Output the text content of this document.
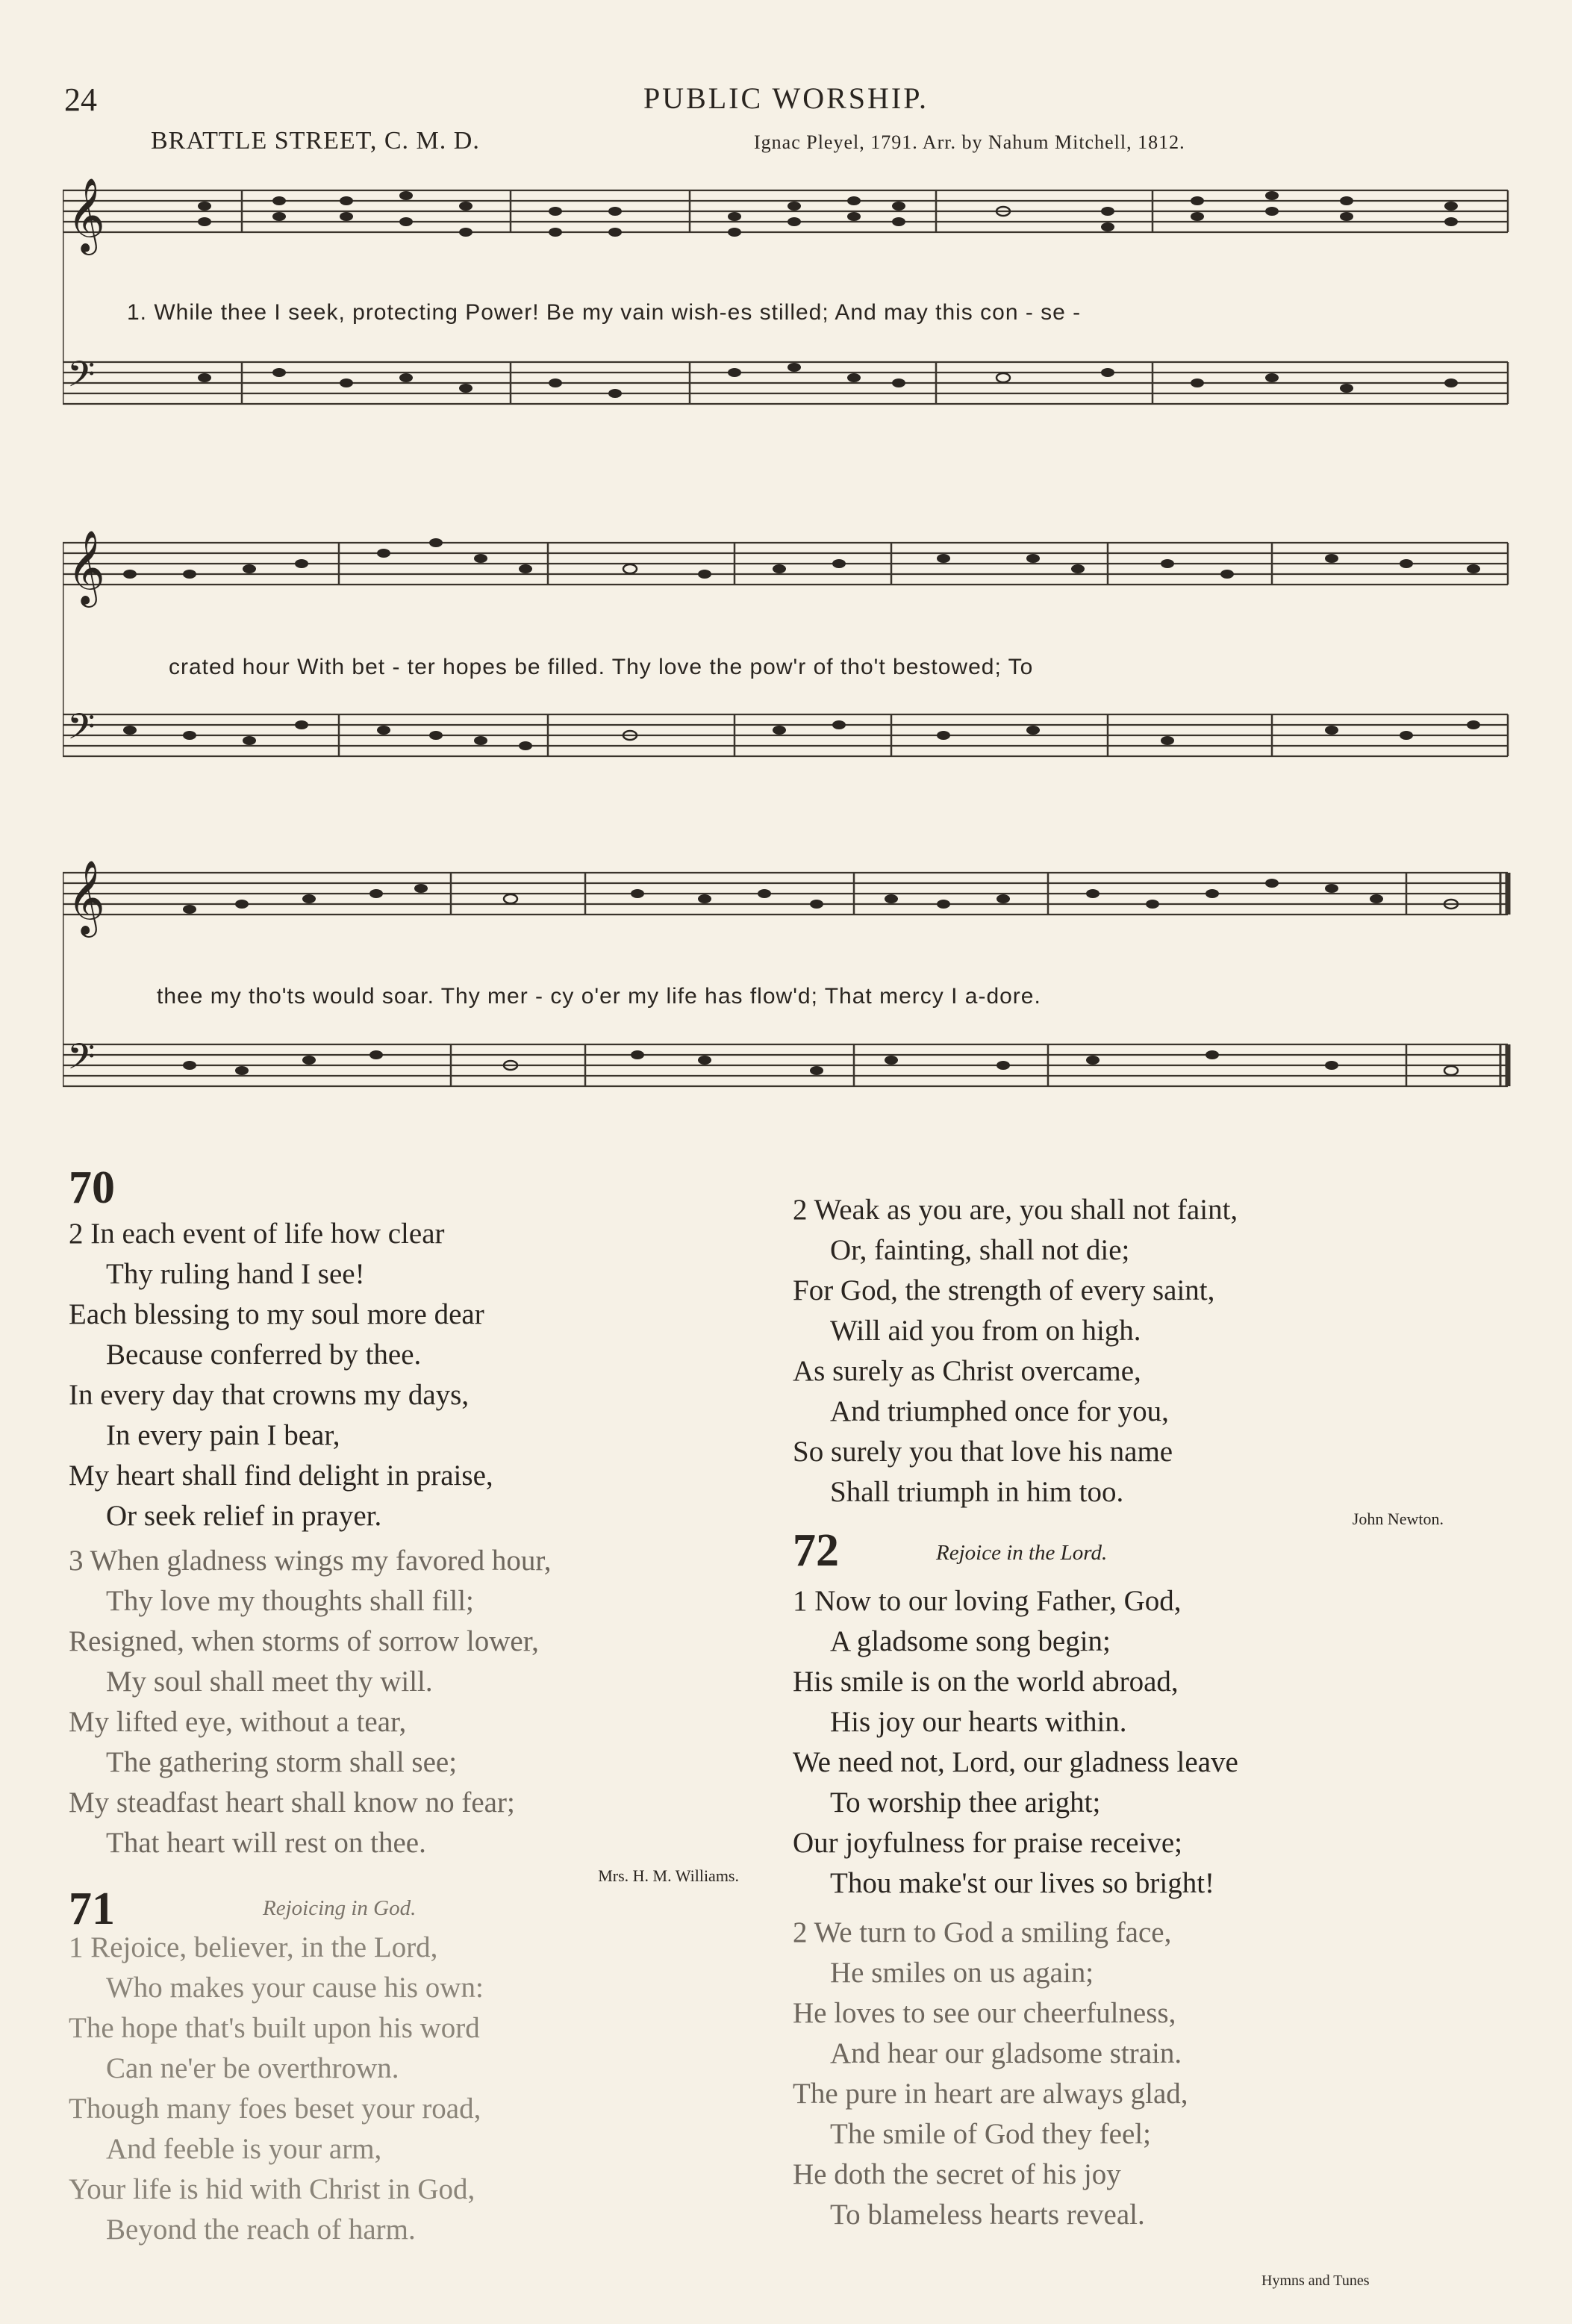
24	PUBLIC WORSHIP.
BRATTLE STREET, C. M. D.	Ignac Pleyel, 1791. Arr. by Nahum Mitchell, 1812.
𝄞
𝄢
𝄞
𝄢
𝄞
𝄢
1. While thee I seek, protecting Power! Be my vain wish-es stilled; And may this con - se -
crated hour With bet - ter hopes be filled. Thy love the pow'r of tho't bestowed; To
thee my tho'ts would soar. Thy mer - cy o'er my life has flow'd; That mercy I a-dore.
70
2 In each event of life how clear
Thy ruling hand I see!
Each blessing to my soul more dear
Because conferred by thee.
In every day that crowns my days,
In every pain I bear,
My heart shall find delight in praise,
Or seek relief in prayer.
3 When gladness wings my favored hour,
Thy love my thoughts shall fill;
Resigned, when storms of sorrow lower,
My soul shall meet thy will.
My lifted eye, without a tear,
The gathering storm shall see;
My steadfast heart shall know no fear;
That heart will rest on thee.
Mrs. H. M. Williams.
71	Rejoicing in God.
1 Rejoice, believer, in the Lord,
Who makes your cause his own:
The hope that's built upon his word
Can ne'er be overthrown.
Though many foes beset your road,
And feeble is your arm,
Your life is hid with Christ in God,
Beyond the reach of harm.
2 Weak as you are, you shall not faint,
Or, fainting, shall not die;
For God, the strength of every saint,
Will aid you from on high.
As surely as Christ overcame,
And triumphed once for you,
So surely you that love his name
Shall triumph in him too.
John Newton.
72	Rejoice in the Lord.
1 Now to our loving Father, God,
A gladsome song begin;
His smile is on the world abroad,
His joy our hearts within.
We need not, Lord, our gladness leave
To worship thee aright;
Our joyfulness for praise receive;
Thou make'st our lives so bright!
2 We turn to God a smiling face,
He smiles on us again;
He loves to see our cheerfulness,
And hear our gladsome strain.
The pure in heart are always glad,
The smile of God they feel;
He doth the secret of his joy
To blameless hearts reveal.
Hymns and Tunes
